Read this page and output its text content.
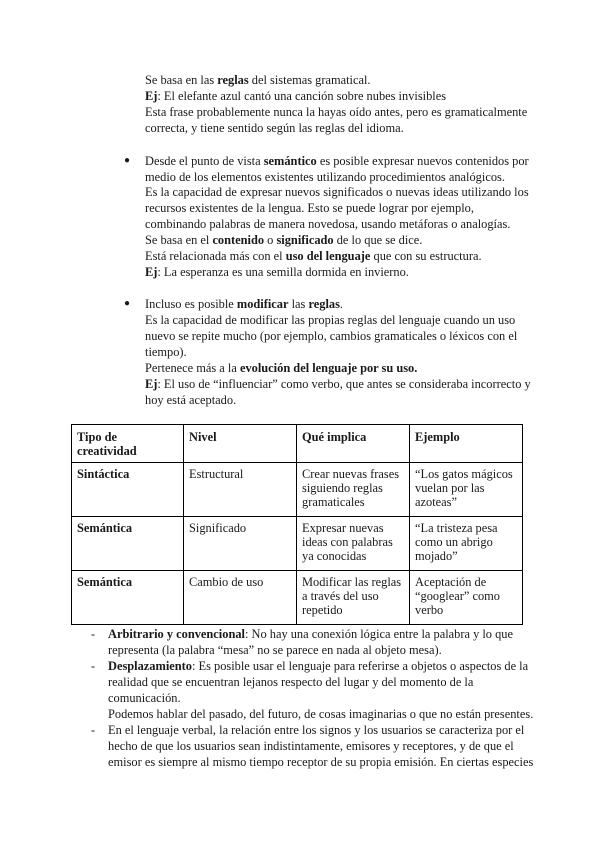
Se basa en las reglas del sistemas gramatical.

Ej: El elefante azul cantó una canción sobre nubes invisibles

Esta frase probablemente nunca la hayas oído antes, pero es gramaticalmente

correcta, y tiene sentido según las reglas del idioma.

● Desde el punto de vista semántico es posible expresar nuevos contenidos por

medio de los elementos existentes utilizando procedimientos analógicos.

Es la capacidad de expresar nuevos significados o nuevas ideas utilizando los

recursos existentes de la lengua. Esto se puede lograr por ejemplo,

combinando palabras de manera novedosa, usando metáforas o analogías.

Se basa en el contenido o significado de lo que se dice.

Está relacionada más con el uso del lenguaje que con su estructura.

Ej: La esperanza es una semilla dormida en invierno.

● Incluso es posible modificar las reglas.

Es la capacidad de modificar las propias reglas del lenguaje cuando un uso

nuevo se repite mucho (por ejemplo, cambios gramaticales o léxicos con el

tiempo).

Pertenece más a la evolución del lenguaje por su uso.

Ej: El uso de “influenciar” como verbo, que antes se consideraba incorrecto y

hoy está aceptado.

Tipo de creatividad	Nivel	Qué implica	Ejemplo
Sintáctica	Estructural	Crear nuevas frases siguiendo reglas gramaticales	“Los gatos mágicos vuelan por las azoteas”
Semántica	Significado	Expresar nuevas ideas con palabras ya conocidas	“La tristeza pesa como un abrigo mojado”
Semántica	Cambio de uso	Modificar las reglas a través del uso repetido	Aceptación de “googlear” como verbo
- Arbitrario y convencional: No hay una conexión lógica entre la palabra y lo que

representa (la palabra “mesa” no se parece en nada al objeto mesa).

- Desplazamiento: Es posible usar el lenguaje para referirse a objetos o aspectos de la

realidad que se encuentran lejanos respecto del lugar y del momento de la

comunicación.

Podemos hablar del pasado, del futuro, de cosas imaginarias o que no están presentes.

- En el lenguaje verbal, la relación entre los signos y los usuarios se caracteriza por el

hecho de que los usuarios sean indistintamente, emisores y receptores, y de que el

emisor es siempre al mismo tiempo receptor de su propia emisión. En ciertas especies
